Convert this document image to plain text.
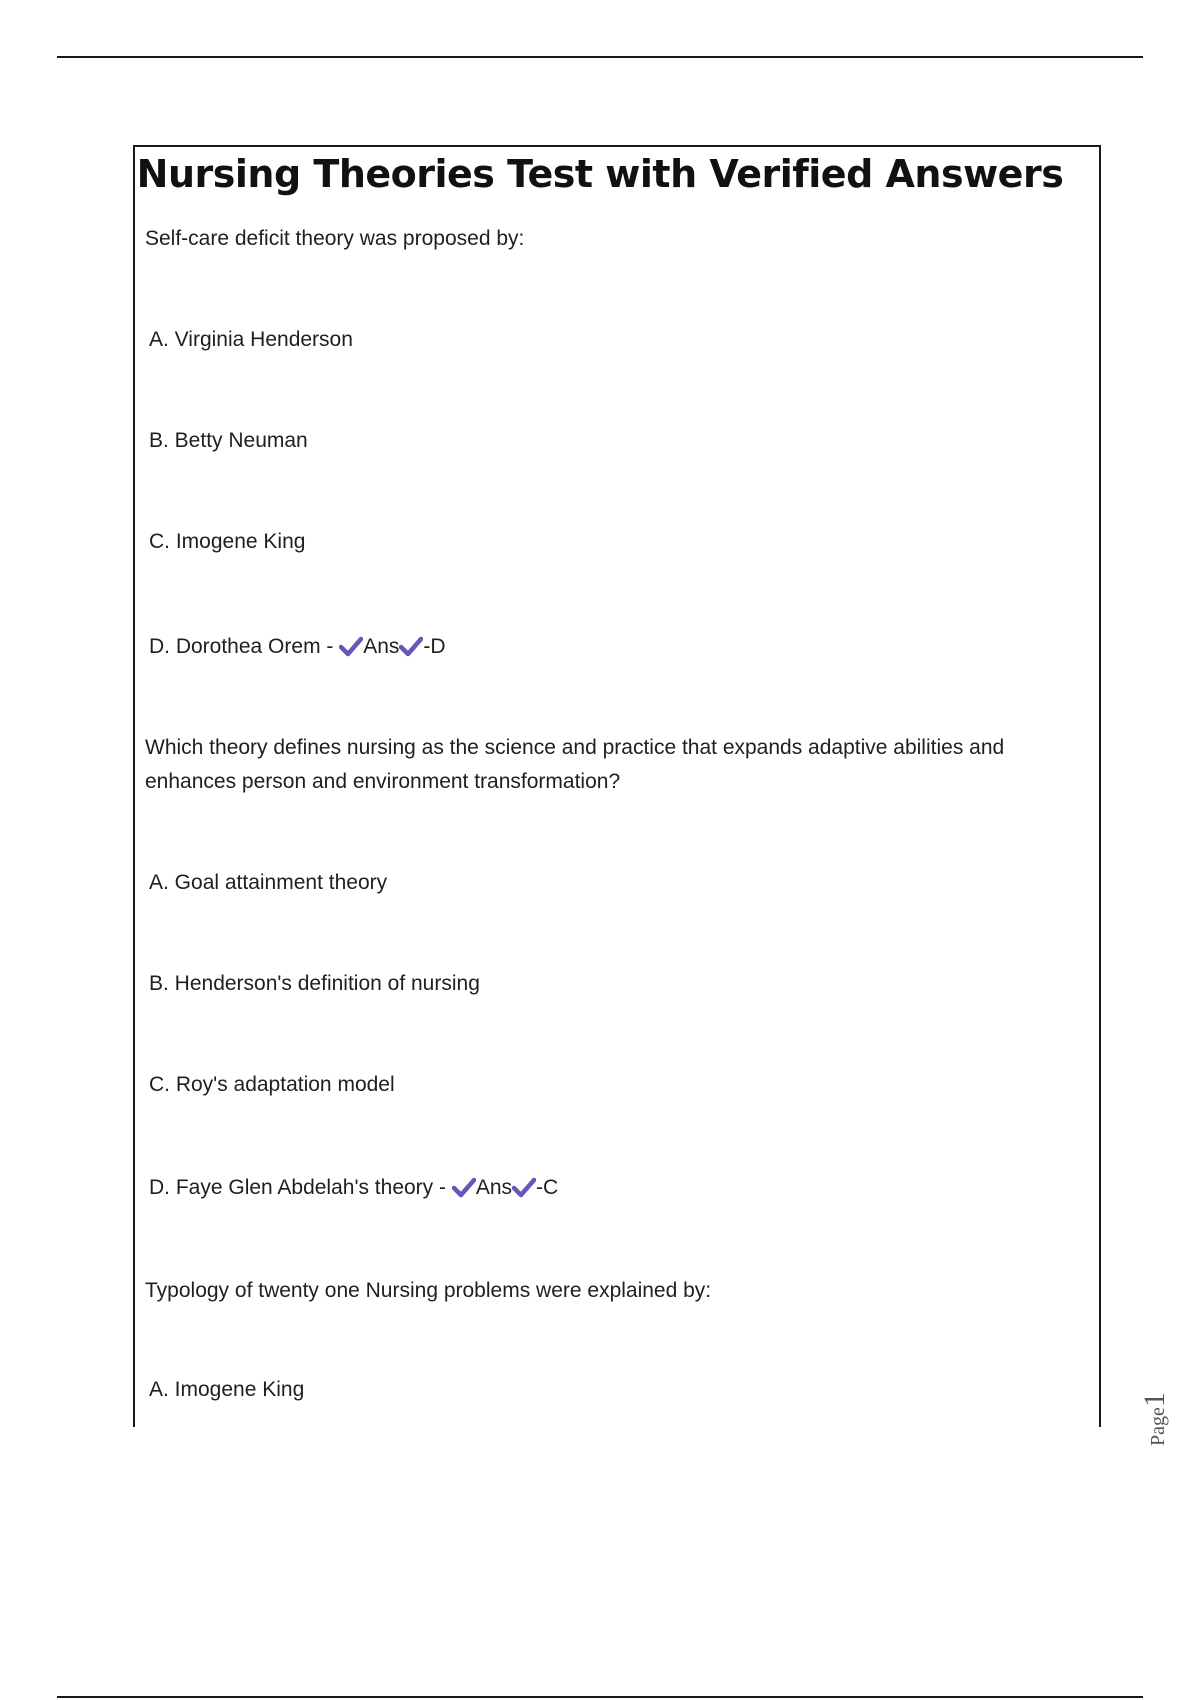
Nursing Theories Test with Verified Answers
Self-care deficit theory was proposed by:
A. Virginia Henderson
B. Betty Neuman
C. Imogene King
D. Dorothea Orem -
Ans -D
Which theory defines nursing as the science and practice that expands adaptive abilities and enhances person and environment transformation?
A. Goal attainment theory
B. Henderson's definition of nursing
C. Roy's adaptation model
D. Faye Glen Abdelah's theory -
Ans -C
Typology of twenty one Nursing problems were explained by:
A. Imogene King
Page1
